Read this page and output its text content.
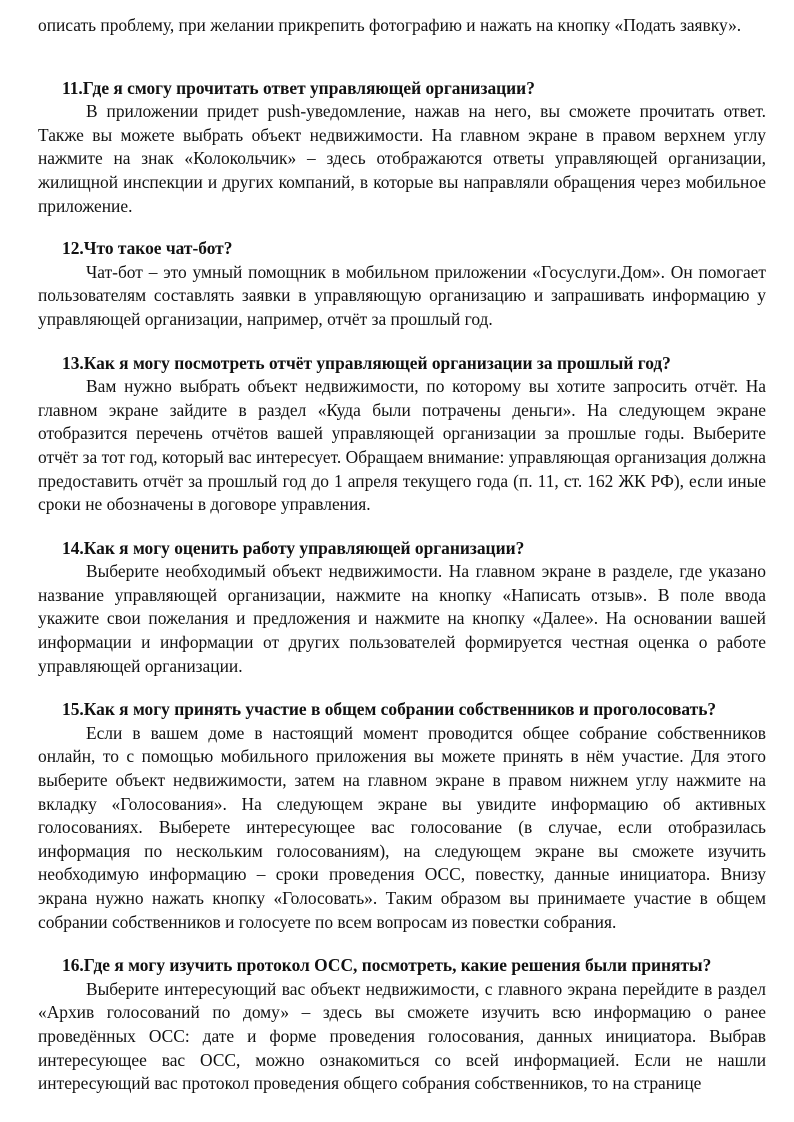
описать проблему, при желании прикрепить фотографию и нажать на кнопку «Подать заявку».

11.Где я смогу прочитать ответ управляющей организации?

В приложении придет push-уведомление, нажав на него, вы сможете прочитать ответ. Также вы можете выбрать объект недвижимости. На главном экране в правом верхнем углу нажмите на знак «Колокольчик» – здесь отображаются ответы управляющей организации, жилищной инспекции и других компаний, в которые вы направляли обращения через мобильное приложение.

12.Что такое чат-бот?

Чат-бот – это умный помощник в мобильном приложении «Госуслуги.Дом». Он помогает пользователям составлять заявки в управляющую организацию и запрашивать информацию у управляющей организации, например, отчёт за прошлый год.

13.Как я могу посмотреть отчёт управляющей организации за прошлый год?

Вам нужно выбрать объект недвижимости, по которому вы хотите запросить отчёт. На главном экране зайдите в раздел «Куда были потрачены деньги». На следующем экране отобразится перечень отчётов вашей управляющей организации за прошлые годы. Выберите отчёт за тот год, который вас интересует. Обращаем внимание: управляющая организация должна предоставить отчёт за прошлый год до 1 апреля текущего года (п. 11, ст. 162 ЖК РФ), если иные сроки не обозначены в договоре управления.

14.Как я могу оценить работу управляющей организации?

Выберите необходимый объект недвижимости. На главном экране в разделе, где указано название управляющей организации, нажмите на кнопку «Написать отзыв». В поле ввода укажите свои пожелания и предложения и нажмите на кнопку «Далее». На основании вашей информации и информации от других пользователей формируется честная оценка о работе управляющей организации.

15.Как я могу принять участие в общем собрании собственников и проголосовать?

Если в вашем доме в настоящий момент проводится общее собрание собственников онлайн, то с помощью мобильного приложения вы можете принять в нём участие. Для этого выберите объект недвижимости, затем на главном экране в правом нижнем углу нажмите на вкладку «Голосования». На следующем экране вы увидите информацию об активных голосованиях. Выберете интересующее вас голосование (в случае, если отобразилась информация по нескольким голосованиям), на следующем экране вы сможете изучить необходимую информацию – сроки проведения ОСС, повестку, данные инициатора. Внизу экрана нужно нажать кнопку «Голосовать». Таким образом вы принимаете участие в общем собрании собственников и голосуете по всем вопросам из повестки собрания.

16.Где я могу изучить протокол ОСС, посмотреть, какие решения были приняты?

Выберите интересующий вас объект недвижимости, с главного экрана перейдите в раздел «Архив голосований по дому» – здесь вы сможете изучить всю информацию о ранее проведённых ОСС: дате и форме проведения голосования, данных инициатора. Выбрав интересующее вас ОСС, можно ознакомиться со всей информацией. Если не нашли интересующий вас протокол проведения общего собрания собственников, то на странице
